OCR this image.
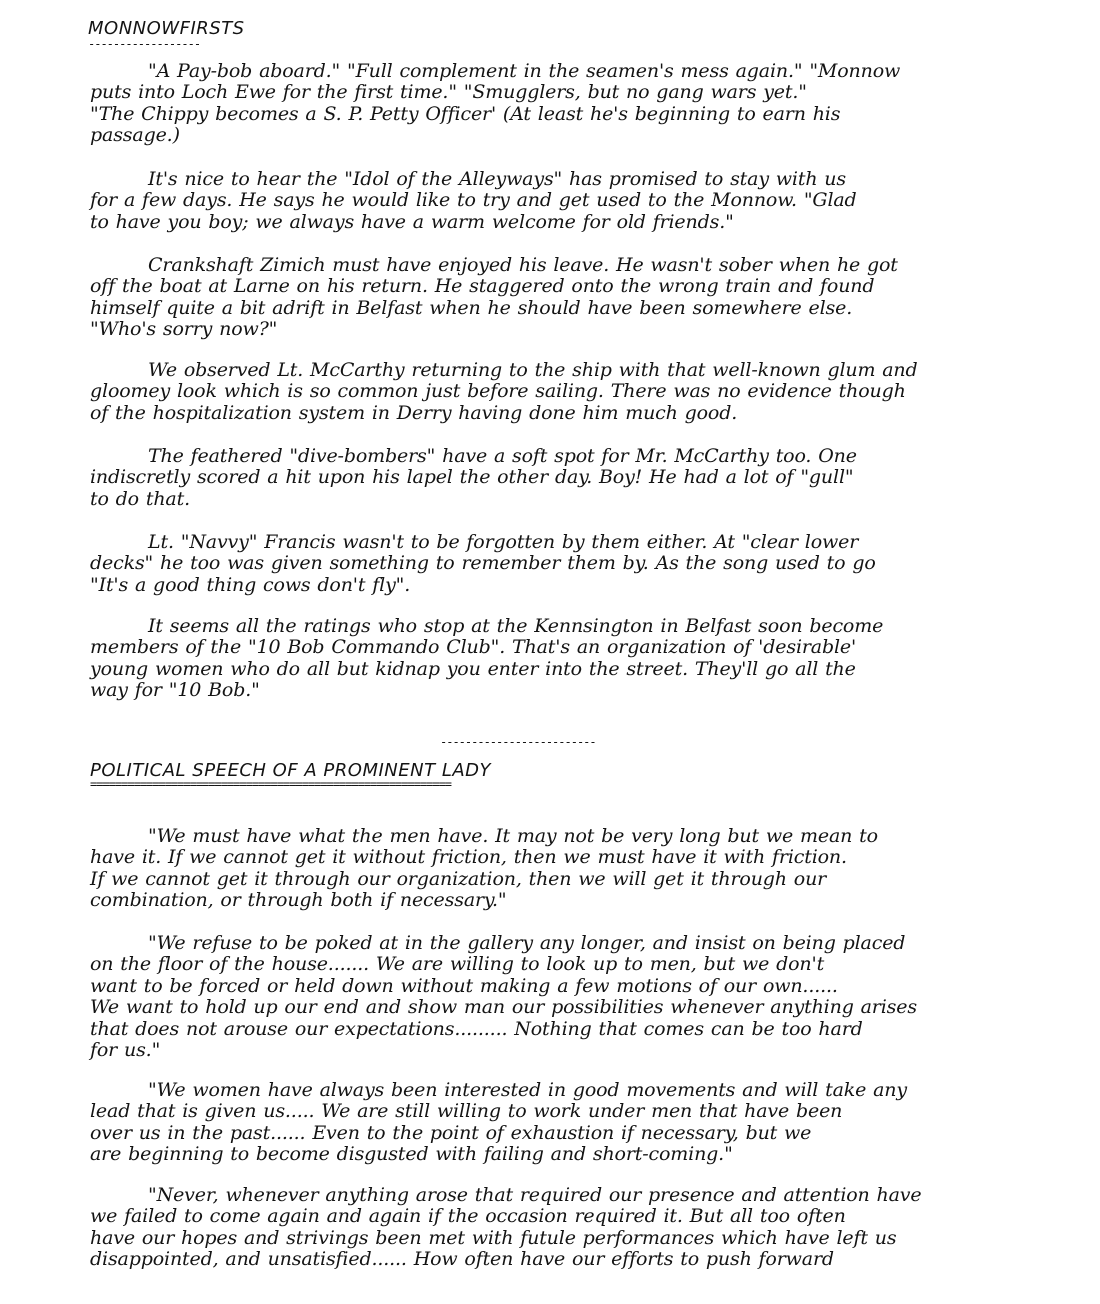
MONNOWFIRSTS
------------------
"A Pay-bob aboard." "Full complement in the seamen's mess again." "Monnow
puts into Loch Ewe for the first time." "Smugglers, but no gang wars yet."
"The Chippy becomes a S. P. Petty Officer' (At least he's beginning to earn his
passage.)
It's nice to hear the "Idol of the Alleyways" has promised to stay with us
for a few days. He says he would like to try and get used to the Monnow. "Glad
to have you boy; we always have a warm welcome for old friends."
Crankshaft Zimich must have enjoyed his leave. He wasn't sober when he got
off the boat at Larne on his return. He staggered onto the wrong train and found
himself quite a bit adrift in Belfast when he should have been somewhere else.
"Who's sorry now?"
We observed Lt. McCarthy returning to the ship with that well-known glum and
gloomey look which is so common just before sailing. There was no evidence though
of the hospitalization system in Derry having done him much good.
The feathered "dive-bombers" have a soft spot for Mr. McCarthy too. One
indiscretly scored a hit upon his lapel the other day. Boy! He had a lot of "gull"
to do that.
Lt. "Navvy" Francis wasn't to be forgotten by them either. At "clear lower
decks" he too was given something to remember them by. As the song used to go
"It's a good thing cows don't fly".
It seems all the ratings who stop at the Kennsington in Belfast soon become
members of the "10 Bob Commando Club". That's an organization of 'desirable'
young women who do all but kidnap you enter into the street. They'll go all the
way for "10 Bob."
-------------------------
POLITICAL SPEECH OF A PROMINENT LADY
==========================================================
"We must have what the men have. It may not be very long but we mean to
have it. If we cannot get it without friction, then we must have it with friction.
If we cannot get it through our organization, then we will get it through our
combination, or through both if necessary."
"We refuse to be poked at in the gallery any longer, and insist on being placed
on the floor of the house....... We are willing to look up to men, but we don't
want to be forced or held down without making a few motions of our own......
We want to hold up our end and show man our possibilities whenever anything arises
that does not arouse our expectations......... Nothing that comes can be too hard
for us."
"We women have always been interested in good movements and will take any
lead that is given us..... We are still willing to work under men that have been
over us in the past...... Even to the point of exhaustion if necessary, but we
are beginning to become disgusted with failing and short-coming."
"Never, whenever anything arose that required our presence and attention have
we failed to come again and again if the occasion required it. But all too often
have our hopes and strivings been met with futule performances which have left us
disappointed, and unsatisfied...... How often have our efforts to push forward
